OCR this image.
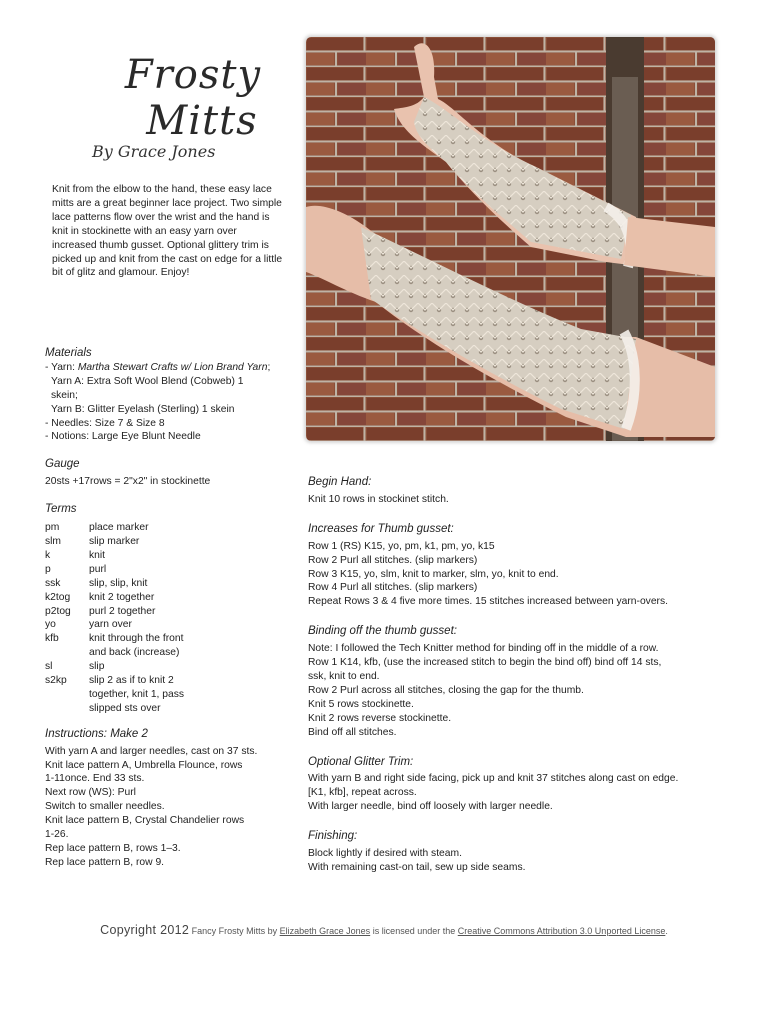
Frosty
Mitts
By Grace Jones
Knit from the elbow to the hand, these easy lace mitts are a great beginner lace project. Two simple lace patterns flow over the wrist and the hand is knit in stockinette with an easy yarn over increased thumb gusset. Optional glittery trim is picked up and knit from the cast on edge for a little bit of glitz and glamour. Enjoy!
Materials

- Yarn: Martha Stewart Crafts w/ Lion Brand Yarn;

Yarn A: Extra Soft Wool Blend (Cobweb) 1

skein;

Yarn B: Glitter Eyelash (Sterling) 1 skein

- Needles: Size 7 & Size 8

- Notions: Large Eye Blunt Needle

Gauge

20sts +17rows = 2"x2" in stockinette

Terms
pm	place marker
slm	slip marker
k	knit
p	purl
ssk	slip, slip, knit
k2tog	knit 2 together
p2tog	purl 2 together
yo	yarn over
kfb	knit through the front
and back (increase)
sl	slip
s2kp	slip 2 as if to knit 2
together, knit 1, pass
slipped sts over
Instructions: Make 2
With yarn A and larger needles, cast on 37 sts.
Knit lace pattern A, Umbrella Flounce, rows
1-11once. End 33 sts.
Next row (WS): Purl
Switch to smaller needles.
Knit lace pattern B, Crystal Chandelier rows
1-26.
Rep lace pattern B, rows 1–3.
Rep lace pattern B, row 9.
Begin Hand:
Knit 10 rows in stockinet stitch.
Increases for Thumb gusset:
Row 1 (RS) K15, yo, pm, k1, pm, yo, k15
Row 2 Purl all stitches. (slip markers)
Row 3 K15, yo, slm, knit to marker, slm, yo, knit to end.
Row 4 Purl all stitches. (slip markers)
Repeat Rows 3 & 4 five more times. 15 stitches increased between yarn-overs.
Binding off the thumb gusset:
Note: I followed the Tech Knitter method for binding off in the middle of a row.
Row 1 K14, kfb, (use the increased stitch to begin the bind off) bind off 14 sts,
ssk, knit to end.
Row 2 Purl across all stitches, closing the gap for the thumb.
Knit 5 rows stockinette.
Knit 2 rows reverse stockinette.
Bind off all stitches.
Optional Glitter Trim:
With yarn B and right side facing, pick up and knit 37 stitches along cast on edge.
[K1, kfb], repeat across.
With larger needle, bind off loosely with larger needle.
Finishing:
Block lightly if desired with steam.
With remaining cast-on tail, sew up side seams.
Copyright 2012 Fancy Frosty Mitts by Elizabeth Grace Jones is licensed under the Creative Commons Attribution 3.0 Unported License.
